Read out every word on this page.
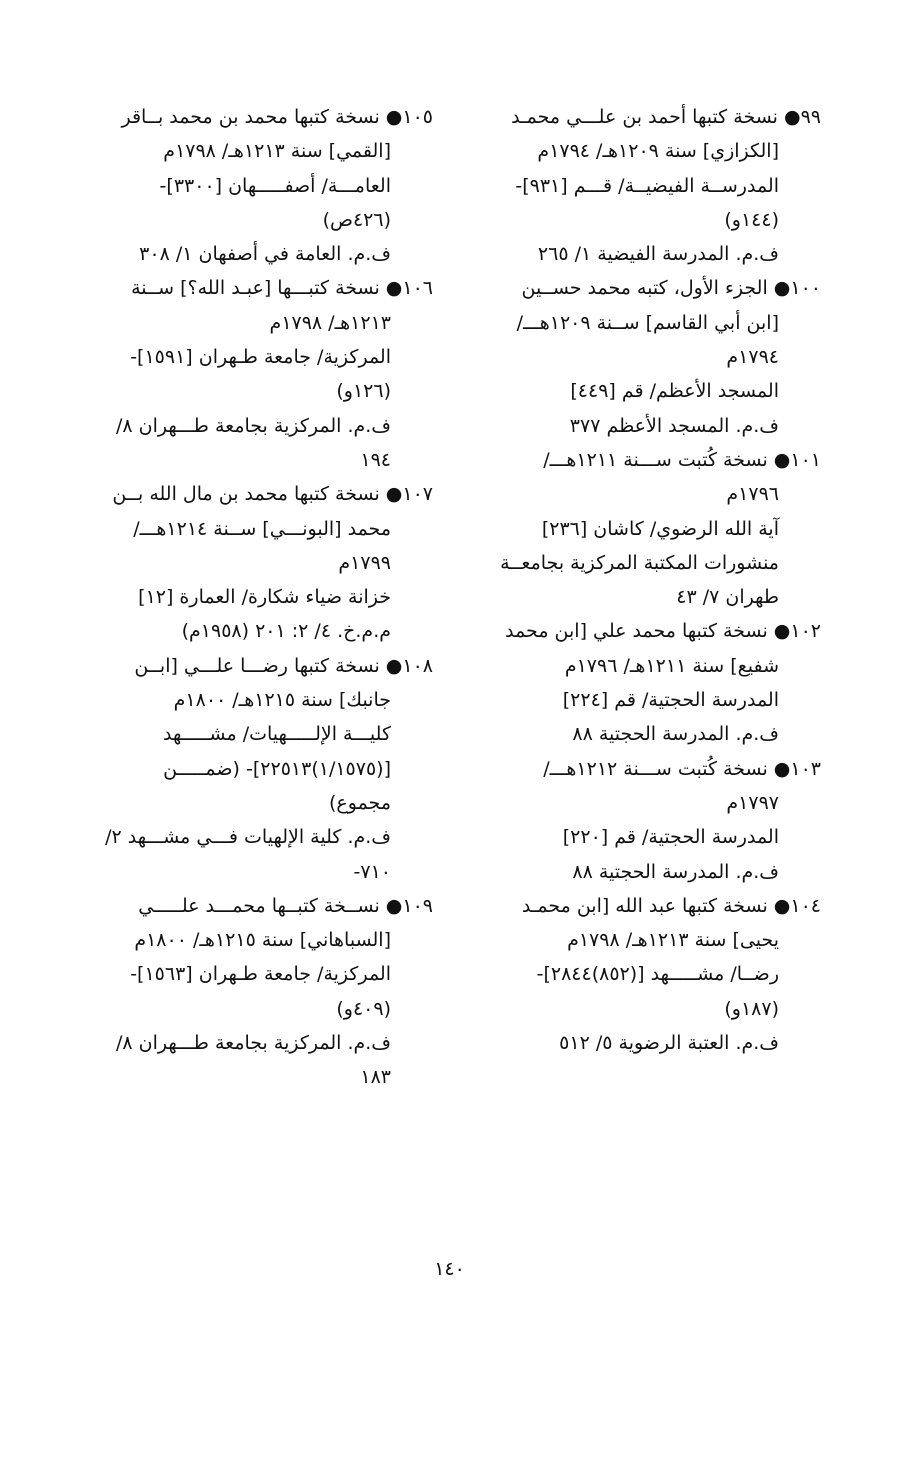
٩٩● نسخة كتبها أحمد بن علـــي محمـد
[الكزازي] سنة ١٢٠٩هـ/ ١٧٩٤م
المدرســة الفيضيــة/ قـــم [٩٣١]-
(١٤٤و)
ف.م. المدرسة الفيضية ١/ ٢٦٥
١٠٠● الجزء الأول، كتبه محمد حســين
[ابن أبي القاسم] ســنة ١٢٠٩هـــ/
١٧٩٤م
المسجد الأعظم/ قم [٤٤٩]
ف.م. المسجد الأعظم ٣٧٧
١٠١● نسخة كُتبت ســـنة ١٢١١هـــ/
١٧٩٦م
آية الله الرضوي/ كاشان [٢٣٦]
منشورات المكتبة المركزية بجامعــة
طهران ٧/ ٤٣
١٠٢● نسخة كتبها محمد علي [ابن محمد
شفيع] سنة ١٢١١هـ/ ١٧٩٦م
المدرسة الحجتية/ قم [٢٢٤]
ف.م. المدرسة الحجتية ٨٨
١٠٣● نسخة كُتبت ســـنة ١٢١٢هـــ/
١٧٩٧م
المدرسة الحجتية/ قم [٢٢٠]
ف.م. المدرسة الحجتية ٨٨
١٠٤● نسخة كتبها عبد الله [ابن محمـد
يحيى] سنة ١٢١٣هـ/ ١٧٩٨م
رضــا/ مشـــــهد [(٨٥٢)٢٨٤٤]-
(١٨٧و)
ف.م. العتبة الرضوية ٥/ ٥١٢
١٠٥● نسخة كتبها محمد بن محمد بــاقر
[القمي] سنة ١٢١٣هـ/ ١٧٩٨م
العامـــة/ أصفـــــهان [٣٣٠٠]-
(٤٢٦ص)
ف.م. العامة في أصفهان ١/ ٣٠٨
١٠٦● نسخة كتبـــها [عبـد الله؟] ســنة
١٢١٣هـ/ ١٧٩٨م
المركزية/ جامعة طـهران [١٥٩١]-
(١٢٦و)
ف.م. المركزية بجامعة طـــهران ٨/
١٩٤
١٠٧● نسخة كتبها محمد بن مال الله بــن
محمد [البونـــي] ســنة ١٢١٤هـــ/
١٧٩٩م
خزانة ضياء شكارة/ العمارة [١٢]
م.م.خ. ٤/ ٢: ٢٠١ (١٩٥٨م)
١٠٨● نسخة كتبها رضـــا علـــي [ابــن
جانبك] سنة ١٢١٥هـ/ ١٨٠٠م
كليـــة الإلـــــهيات/ مشـــــهد
[(١/١٥٧٥)٢٢٥١٣]- (ضمـــــن
مجموع)
ف.م. كلية الإلهيات فـــي مشـــهد ٢/
٧١٠-
١٠٩● نســخة كتبــها محمـــد علـــــي
[السباهاني] سنة ١٢١٥هـ/ ١٨٠٠م
المركزية/ جامعة طـهران [١٥٦٣]-
(٤٠٩و)
ف.م. المركزية بجامعة طـــهران ٨/
١٨٣
١٤٠
